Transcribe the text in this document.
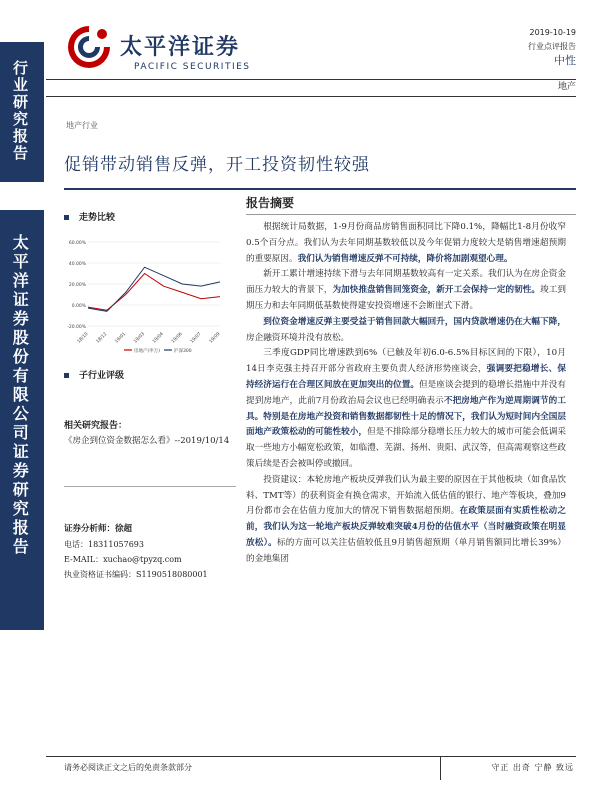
行业研究报告
太平洋证券股份有限公司证券研究报告
太平洋证券
PACIFIC SECURITIES
2019-10-19
行业点评报告
中性
地产
地产行业
促销带动销售反弹，开工投资韧性较强
走势比较
60.00%
40.00%
20.00%
0.00%
-20.00%
18/10 18/12 19/01 19/03 19/04 19/06 19/07 19/09
房地产(申万)	沪深300
子行业评级
相关研究报告：
《房企到位资金数据怎么看》--2019/10/14
证券分析师：徐超
电话：18311057693
E-MAIL：xuchao@tpyzq.com
执业资格证书编码：S1190518080001
报告摘要

根据统计局数据，1-9月份商品房销售面积同比下降0.1%，降幅比1-8月份收窄0.5个百分点。我们认为去年同期基数较低以及今年促销力度较大是销售增速超预期的重要原因。我们认为销售增速反弹不可持续，降价将加剧观望心理。

新开工累计增速持续下滑与去年同期基数较高有一定关系。我们认为在房企资金面压力较大的背景下，为加快推盘销售回笼资金，新开工会保持一定的韧性。竣工到期压力和去年同期低基数使得建安投资增速不会断崖式下滑。

到位资金增速反弹主要受益于销售回款大幅回升，国内贷款增速仍在大幅下降，房企融资环境并没有放松。

三季度GDP同比增速跌到6%（已触及年初6.0-6.5%目标区间的下限），10月14日李克强主持召开部分省政府主要负责人经济形势座谈会，强调要把稳增长、保持经济运行在合理区间放在更加突出的位置。但是座谈会提到的稳增长措施中并没有提到房地产，此前7月份政治局会议也已经明确表示不把房地产作为逆周期调节的工具。特别是在房地产投资和销售数据都韧性十足的情况下，我们认为短时间内全国层面地产政策松动的可能性较小，但是不排除部分稳增长压力较大的城市可能会低调采取一些地方小幅宽松政策，如临澧、芜湖、扬州、贵阳、武汉等，但高需观察这些政策后续是否会被叫停或撤回。

投资建议：本轮房地产板块反弹我们认为最主要的原因在于其他板块（如食品饮料、TMT等）的获利资金有换仓需求，开始流入低估值的银行、地产等板块，叠加9月份都市会在估值力度加大的情况下销售数据超预期。在政策层面有实质性松动之前，我们认为这一轮地产板块反弹较难突破4月份的估值水平（当时融资政策在明显放松）。标的方面可以关注估值较低且9月销售超预期（单月销售额同比增长39%）的金地集团

请务必阅读正文之后的免责条款部分	守正 出奇 宁静 致远
